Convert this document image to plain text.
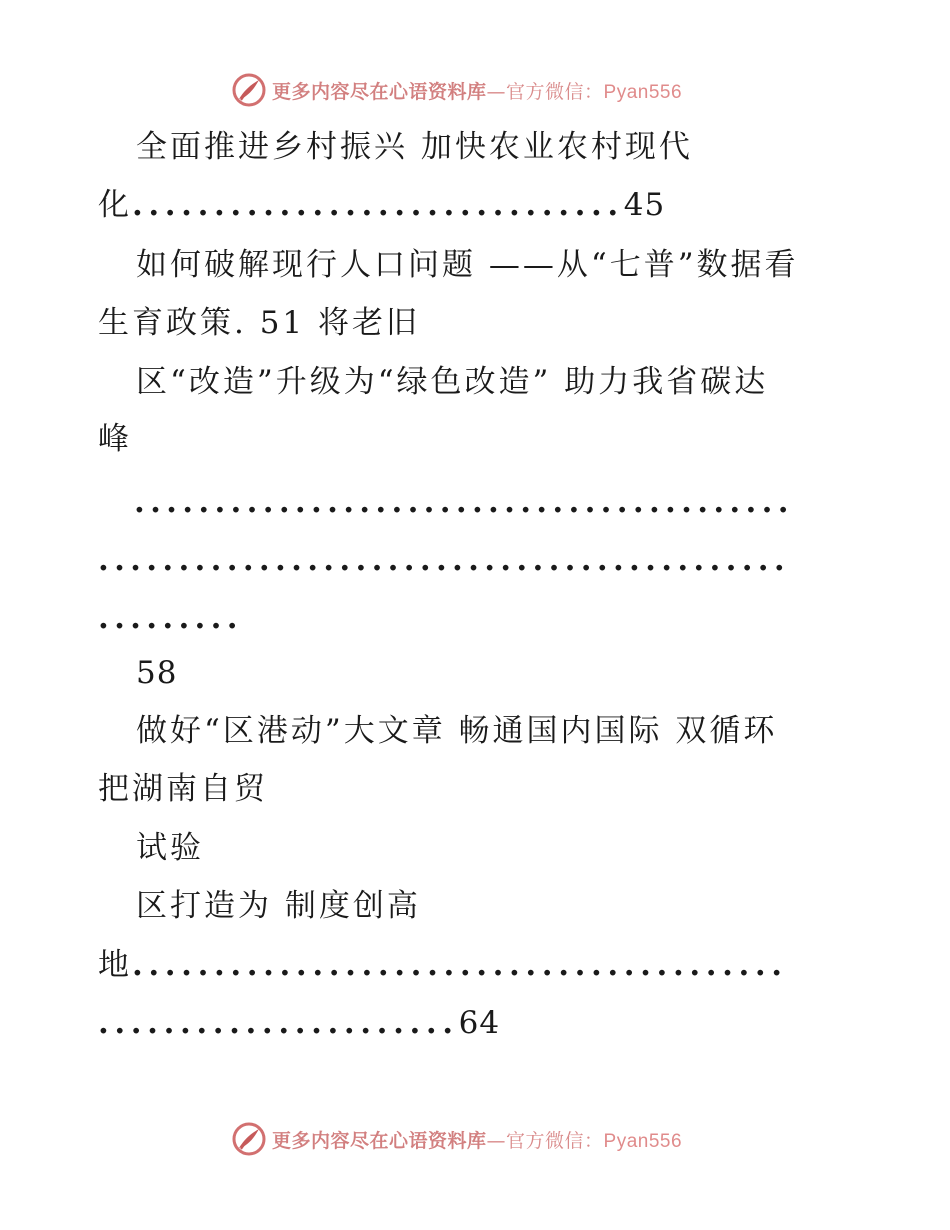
更多内容尽在心语资料库—官方微信：Pyan556
全面推进乡村振兴 加快农业农村现代
化..............................45
如何破解现行人口问题 ——从“七普”数据看
生育政策. 51 将老旧
区“改造”升级为“绿色改造” 助力我省碳达
峰
.........................................
...........................................
.........
58
做好“区港动”大文章 畅通国内国际 双循环
把湖南自贸
试验
区打造为 制度创高
地........................................
......................64
更多内容尽在心语资料库—官方微信：Pyan556
